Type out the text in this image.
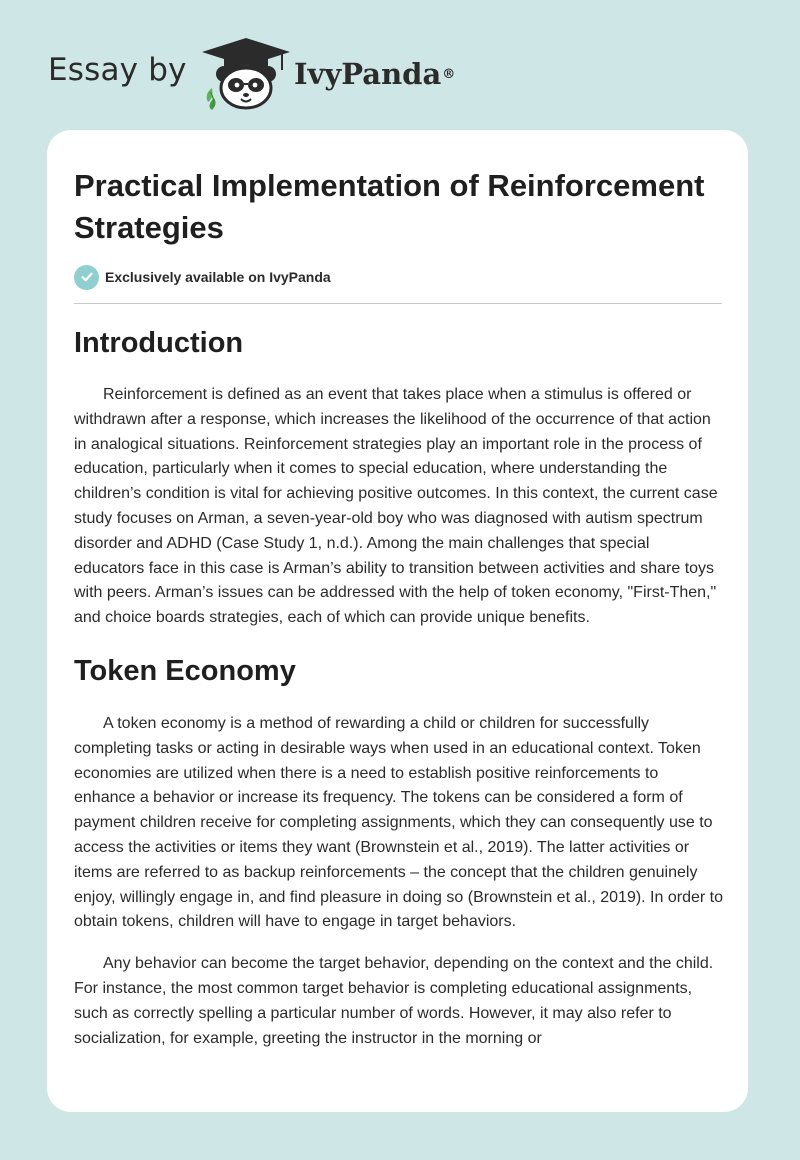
Essay by	IvyPanda®
Practical Implementation of Reinforcement Strategies
Exclusively available on IvyPanda
Introduction

Reinforcement is defined as an event that takes place when a stimulus is offered or withdrawn after a response, which increases the likelihood of the occurrence of that action in analogical situations. Reinforcement strategies play an important role in the process of education, particularly when it comes to special education, where understanding the children’s condition is vital for achieving positive outcomes. In this context, the current case study focuses on Arman, a seven-year-old boy who was diagnosed with autism spectrum disorder and ADHD (Case Study 1, n.d.). Among the main challenges that special educators face in this case is Arman’s ability to transition between activities and share toys with peers. Arman’s issues can be addressed with the help of token economy, "First-Then," and choice boards strategies, each of which can provide unique benefits.

Token Economy

A token economy is a method of rewarding a child or children for successfully completing tasks or acting in desirable ways when used in an educational context. Token economies are utilized when there is a need to establish positive reinforcements to enhance a behavior or increase its frequency. The tokens can be considered a form of payment children receive for completing assignments, which they can consequently use to access the activities or items they want (Brownstein et al., 2019). The latter activities or items are referred to as backup reinforcements – the concept that the children genuinely enjoy, willingly engage in, and find pleasure in doing so (Brownstein et al., 2019). In order to obtain tokens, children will have to engage in target behaviors.

Any behavior can become the target behavior, depending on the context and the child. For instance, the most common target behavior is completing educational assignments, such as correctly spelling a particular number of words. However, it may also refer to socialization, for example, greeting the instructor in the morning or
